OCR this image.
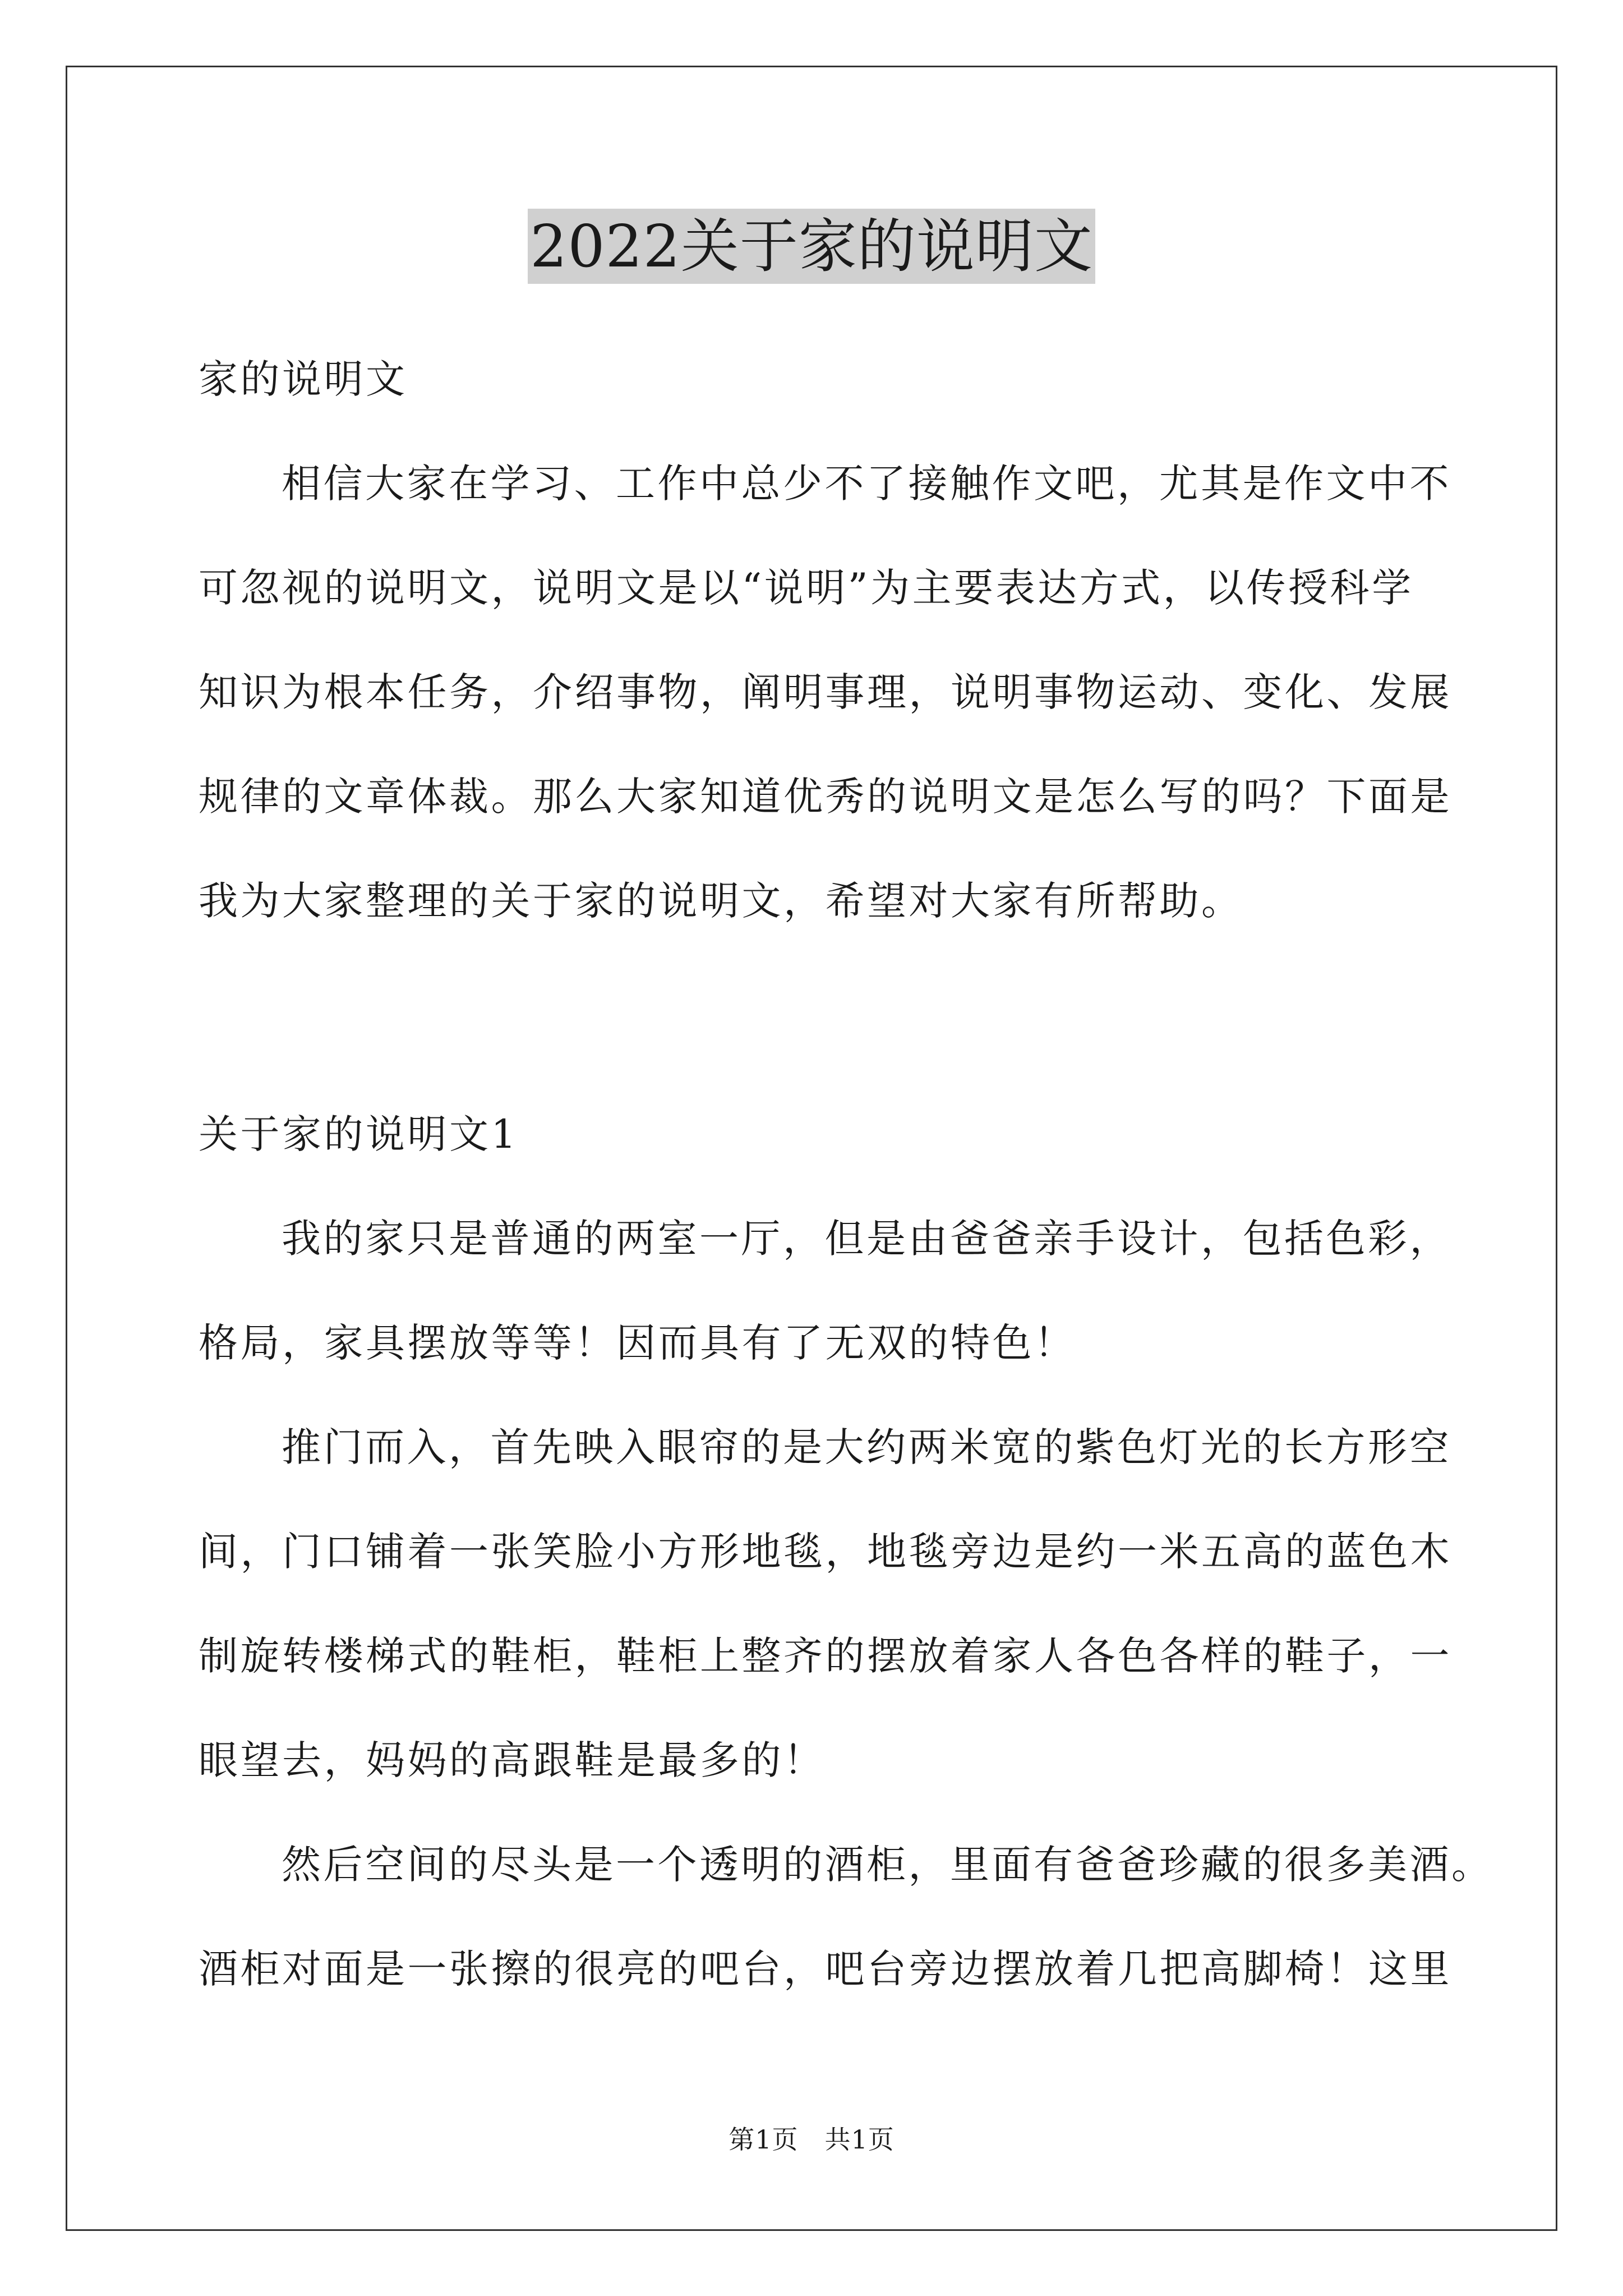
2022关于家的说明文
家的说明文
相信大家在学习、工作中总少不了接触作文吧，尤其是作文中不
可忽视的说明文，说明文是以“说明”为主要表达方式，以传授科学
知识为根本任务，介绍事物，阐明事理，说明事物运动、变化、发展
规律的文章体裁。那么大家知道优秀的说明文是怎么写的吗？下面是
我为大家整理的关于家的说明文，希望对大家有所帮助。
关于家的说明文1
我的家只是普通的两室一厅，但是由爸爸亲手设计，包括色彩，
格局，家具摆放等等！因而具有了无双的特色！
推门而入，首先映入眼帘的是大约两米宽的紫色灯光的长方形空
间，门口铺着一张笑脸小方形地毯，地毯旁边是约一米五高的蓝色木
制旋转楼梯式的鞋柜，鞋柜上整齐的摆放着家人各色各样的鞋子，一
眼望去，妈妈的高跟鞋是最多的！
然后空间的尽头是一个透明的酒柜，里面有爸爸珍藏的很多美酒。
酒柜对面是一张擦的很亮的吧台，吧台旁边摆放着几把高脚椅！这里
第1页　共1页
